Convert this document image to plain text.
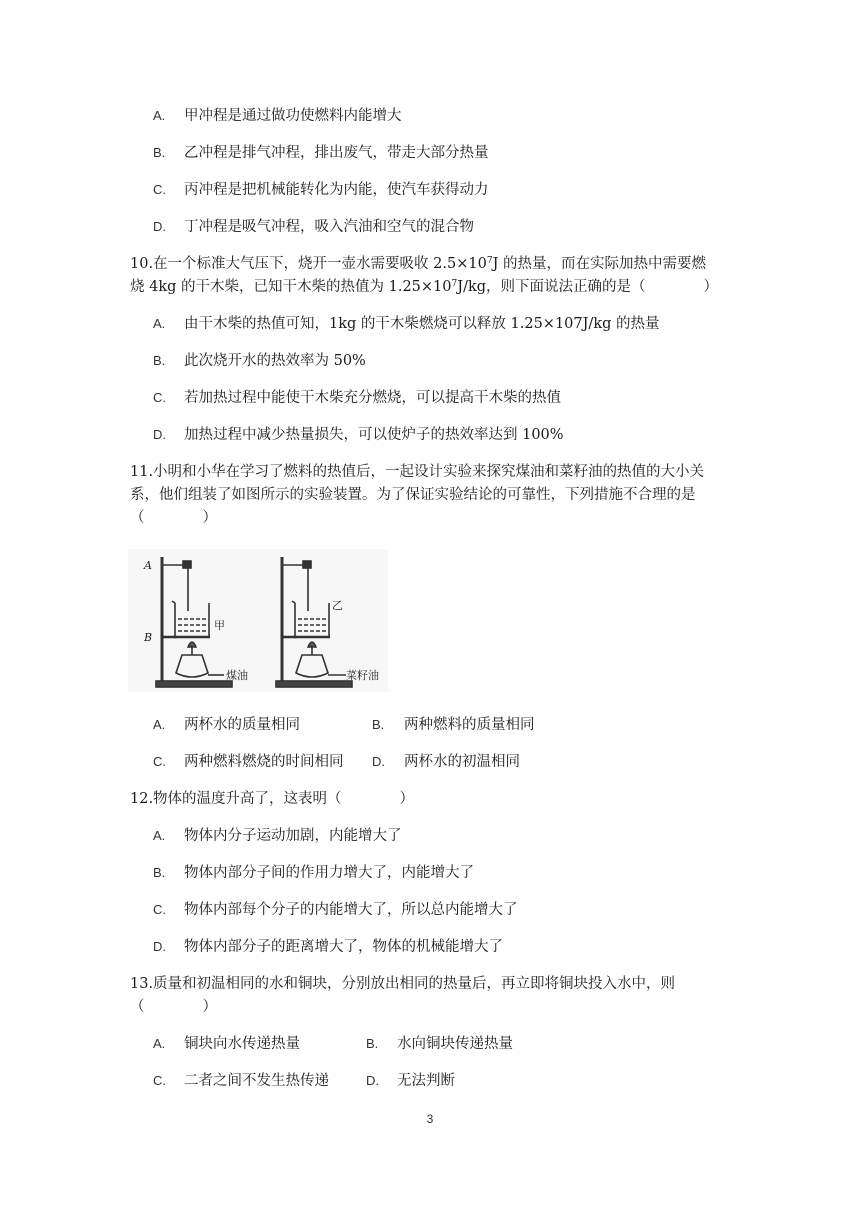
A. 甲冲程是通过做功使燃料内能增大
B. 乙冲程是排气冲程，排出废气，带走大部分热量
C. 丙冲程是把机械能转化为内能，使汽车获得动力
D. 丁冲程是吸气冲程，吸入汽油和空气的混合物
10.在一个标准大气压下，烧开一壶水需要吸收 $2.5\times 10^7J$ 的热量，而在实际加热中需要燃
烧 4kg 的干木柴，已知干木柴的热值为 $1.25\times 10^7J/kg$，则下面说法正确的是（　　　　）
A. 由干木柴的热值可知，1kg 的干木柴燃烧可以释放 1.25×107J/kg 的热量
B. 此次烧开水的热效率为 50%
C. 若加热过程中能使干木柴充分燃烧，可以提高干木柴的热值
D. 加热过程中减少热量损失，可以使炉子的热效率达到 100%
11.小明和小华在学习了燃料的热值后，一起设计实验来探究煤油和菜籽油的热值的大小关
系，他们组装了如图所示的实验装置。为了保证实验结论的可靠性，下列措施不合理的是
（　　　　）
A
B
甲
乙
煤油	菜籽油
A. 两杯水的质量相同	B. 两种燃料的质量相同
C. 两种燃料燃烧的时间相同 D. 两杯水的初温相同
12.物体的温度升高了，这表明（　　　　）
A. 物体内分子运动加剧，内能增大了
B. 物体内部分子间的作用力增大了，内能增大了
C. 物体内部每个分子的内能增大了，所以总内能增大了
D. 物体内部分子的距离增大了，物体的机械能增大了
13.质量和初温相同的水和铜块，分别放出相同的热量后，再立即将铜块投入水中，则
（　　　　）
A. 铜块向水传递热量	B. 水向铜块传递热量
C. 二者之间不发生热传递	D. 无法判断
3
